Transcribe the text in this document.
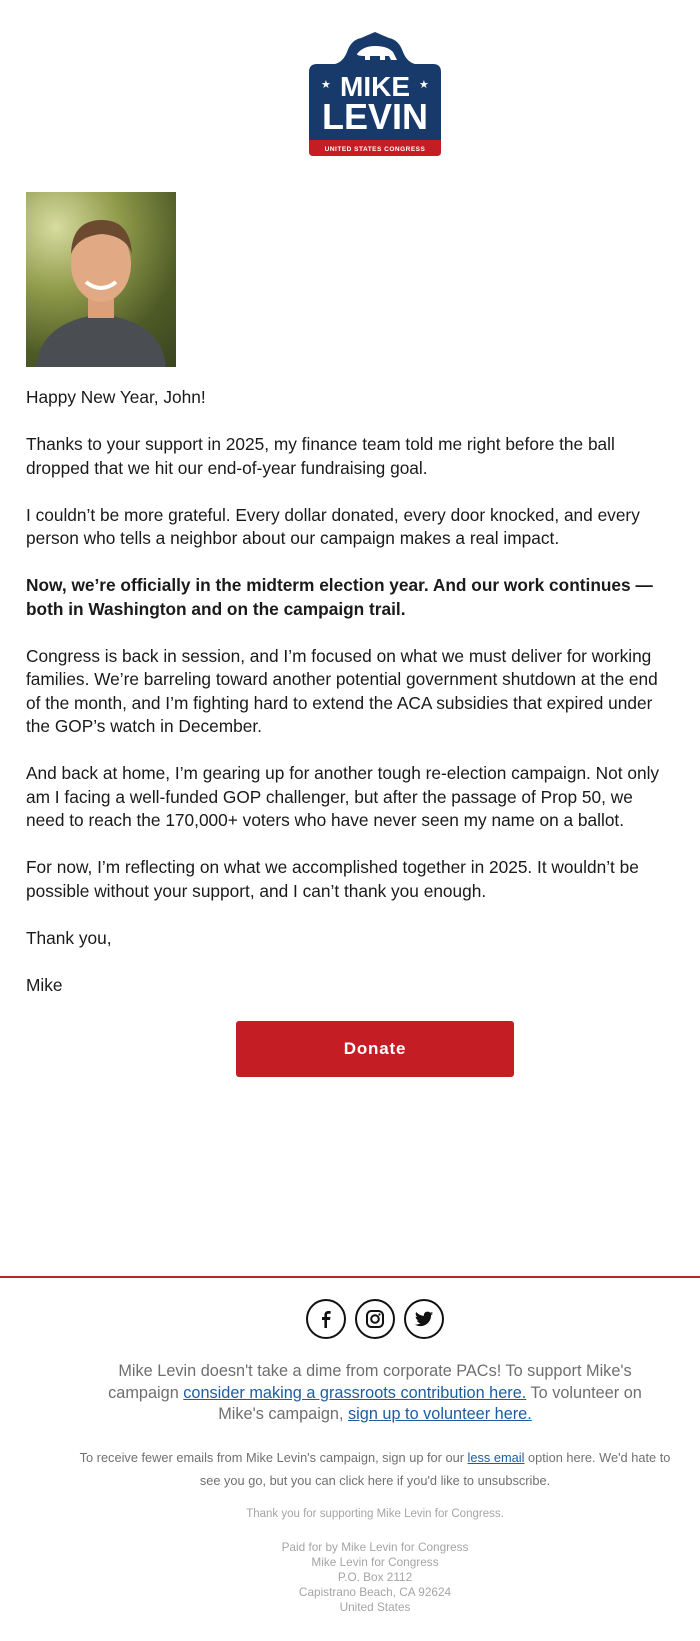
MIKE
LEVIN
★	★
UNITED STATES CONGRESS

Happy New Year, John!

Thanks to your support in 2025, my finance team told me right before the ball dropped that we hit our end-of-year fundraising goal.

I couldn’t be more grateful. Every dollar donated, every door knocked, and every person who tells a neighbor about our campaign makes a real impact.

Now, we’re officially in the midterm election year. And our work continues — both in Washington and on the campaign trail.

Congress is back in session, and I’m focused on what we must deliver for working families. We’re barreling toward another potential government shutdown at the end of the month, and I’m fighting hard to extend the ACA subsidies that expired under the GOP’s watch in December.

And back at home, I’m gearing up for another tough re-election campaign. Not only am I facing a well-funded GOP challenger, but after the passage of Prop 50, we need to reach the 170,000+ voters who have never seen my name on a ballot.

For now, I’m reflecting on what we accomplished together in 2025. It wouldn’t be possible without your support, and I can’t thank you enough.

Thank you,

Mike

Donate
Mike Levin doesn't take a dime from corporate PACs! To support Mike's campaign consider making a grassroots contribution here. To volunteer on Mike's campaign, sign up to volunteer here.
To receive fewer emails from Mike Levin's campaign, sign up for our less email option here. We'd hate to see you go, but you can click here if you'd like to unsubscribe.
Thank you for supporting Mike Levin for Congress.
Paid for by Mike Levin for Congress
Mike Levin for Congress
P.O. Box 2112
Capistrano Beach, CA 92624
United States
